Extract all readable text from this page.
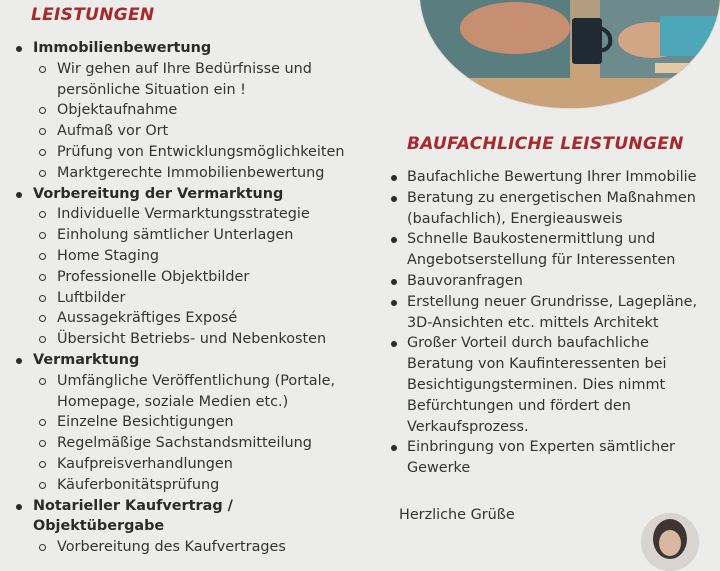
LEISTUNGEN
Immobilienbewertung
Wir gehen auf Ihre Bedürfnisse und persönliche Situation ein !
Objektaufnahme
Aufmaß vor Ort
Prüfung von Entwicklungsmöglichkeiten
Marktgerechte Immobilienbewertung
Vorbereitung der Vermarktung
Individuelle Vermarktungsstrategie
Einholung sämtlicher Unterlagen
Home Staging
Professionelle Objektbilder
Luftbilder
Aussagekräftiges Exposé
Übersicht Betriebs- und Nebenkosten
Vermarktung
Umfängliche Veröffentlichung (Portale, Homepage, soziale Medien etc.)
Einzelne Besichtigungen
Regelmäßige Sachstandsmitteilung
Kaufpreisverhandlungen
Käuferbonitätsprüfung
Notarieller Kaufvertrag / Objektübergabe
Vorbereitung des Kaufvertrages
BAUFACHLICHE LEISTUNGEN
Baufachliche Bewertung Ihrer Immobilie
Beratung zu energetischen Maßnahmen (baufachlich), Energieausweis
Schnelle Baukostenermittlung und Angebotserstellung für Interessenten
Bauvoranfragen
Erstellung neuer Grundrisse, Lagepläne, 3D-Ansichten etc. mittels Architekt
Großer Vorteil durch baufachliche Beratung von Kaufinteressenten bei Besichtigungsterminen. Dies nimmt Befürchtungen und fördert den Verkaufsprozess.
Einbringung von Experten sämtlicher Gewerke
Herzliche Grüße
